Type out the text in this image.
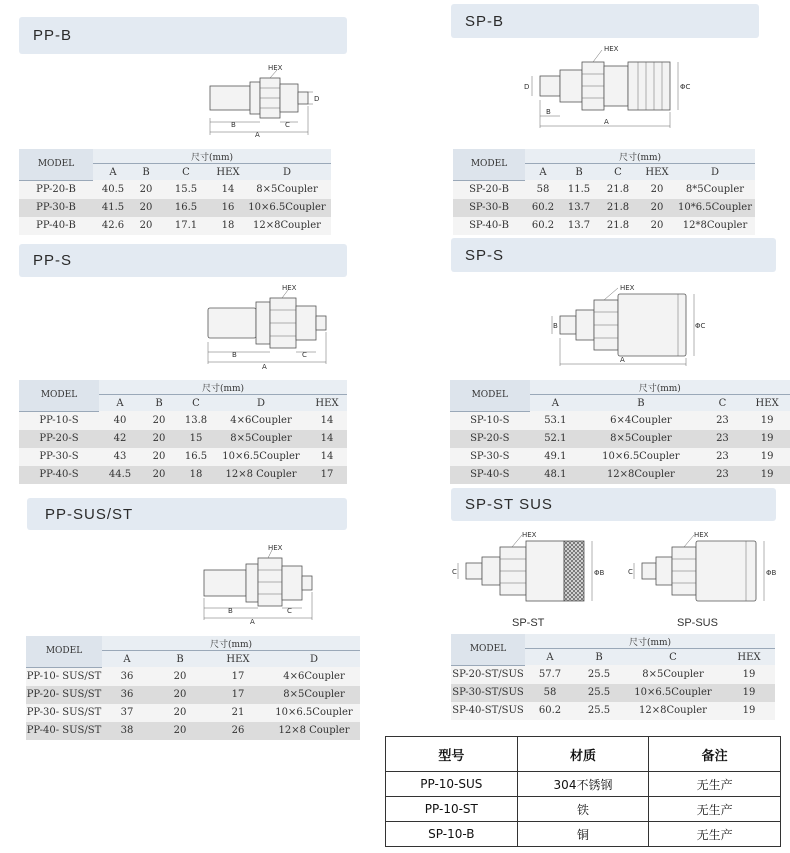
PP-B
SP-B
PP-S	SP-S
PP-SUS/ST
SP-ST SUS
HEX
A
B	C
D
HEX
A
B
D	ΦC
HEX
A
B	C
HEX
A
B	ΦC
HEX
A
B	C
HEX
C	ΦB
HEX
C	ΦB
SP-ST	SP-SUS
MODEL	尺寸(mm)				
	A	B	C	HEX	D
PP-20-B	40.5	20	15.5	14	8×5Coupler
PP-30-B	41.5	20	16.5	16	10×6.5Coupler
PP-40-B	42.6	20	17.1	18	12×8Coupler
MODEL	尺寸(mm)				
	A	B	C	HEX	D
SP-20-B	58	11.5	21.8	20	8*5Coupler
SP-30-B	60.2	13.7	21.8	20	10*6.5Coupler
SP-40-B	60.2	13.7	21.8	20	12*8Coupler
MODEL	尺寸(mm)				
	A	B	C	D	HEX
PP-10-S	40	20	13.8	4×6Coupler	14
PP-20-S	42	20	15	8×5Coupler	14
PP-30-S	43	20	16.5	10×6.5Coupler	14
PP-40-S	44.5	20	18	12×8 Coupler	17
MODEL	尺寸(mm)			
	A	B	C	HEX
SP-10-S	53.1	6×4Coupler	23	19
SP-20-S	52.1	8×5Coupler	23	19
SP-30-S	49.1	10×6.5Coupler	23	19
SP-40-S	48.1	12×8Coupler	23	19
MODEL	尺寸(mm)			
	A	B	HEX	D
PP-10- SUS/ST	36	20	17	4×6Coupler
PP-20- SUS/ST	36	20	17	8×5Coupler
PP-30- SUS/ST	37	20	21	10×6.5Coupler
PP-40- SUS/ST	38	20	26	12×8 Coupler
MODEL	尺寸(mm)			
	A	B	C	HEX
SP-20-ST/SUS	57.7	25.5	8×5Coupler	19
SP-30-ST/SUS	58	25.5	10×6.5Coupler	19
SP-40-ST/SUS	60.2	25.5	12×8Coupler	19
型号	材质	备注
PP-10-SUS	304不锈钢	无生产
PP-10-ST	铁	无生产
SP-10-B	铜	无生产
